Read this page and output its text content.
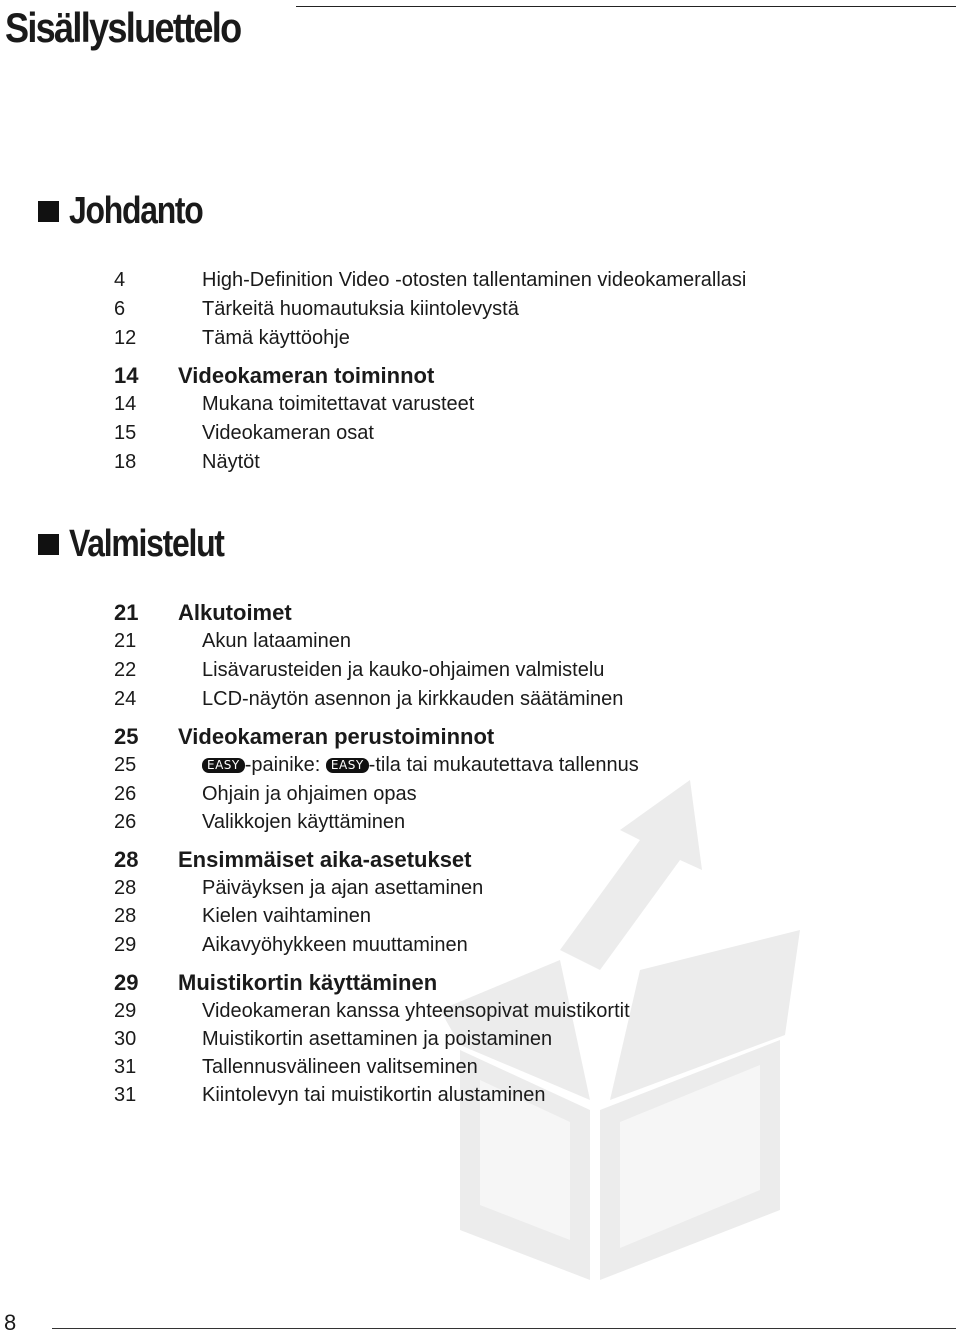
Sisällysluettelo
Johdanto
4	High-Definition Video -otosten tallentaminen videokamerallasi
6	Tärkeitä huomautuksia kiintolevystä
12	Tämä käyttöohje
14 Videokameran toiminnot
14	Mukana toimitettavat varusteet
15	Videokameran osat
18	Näytöt
Valmistelut
21 Alkutoimet
21	Akun lataaminen
22	Lisävarusteiden ja kauko-ohjaimen valmistelu
24	LCD-näytön asennon ja kirkkauden säätäminen
25 Videokameran perustoiminnot
25	EASY -painike: EASY -tila tai mukautettava tallennus
26	Ohjain ja ohjaimen opas
26	Valikkojen käyttäminen
28 Ensimmäiset aika-asetukset
28	Päiväyksen ja ajan asettaminen
28	Kielen vaihtaminen
29	Aikavyöhykkeen muuttaminen
29 Muistikortin käyttäminen
29	Videokameran kanssa yhteensopivat muistikortit
30	Muistikortin asettaminen ja poistaminen
31	Tallennusvälineen valitseminen
31	Kiintolevyn tai muistikortin alustaminen
8
